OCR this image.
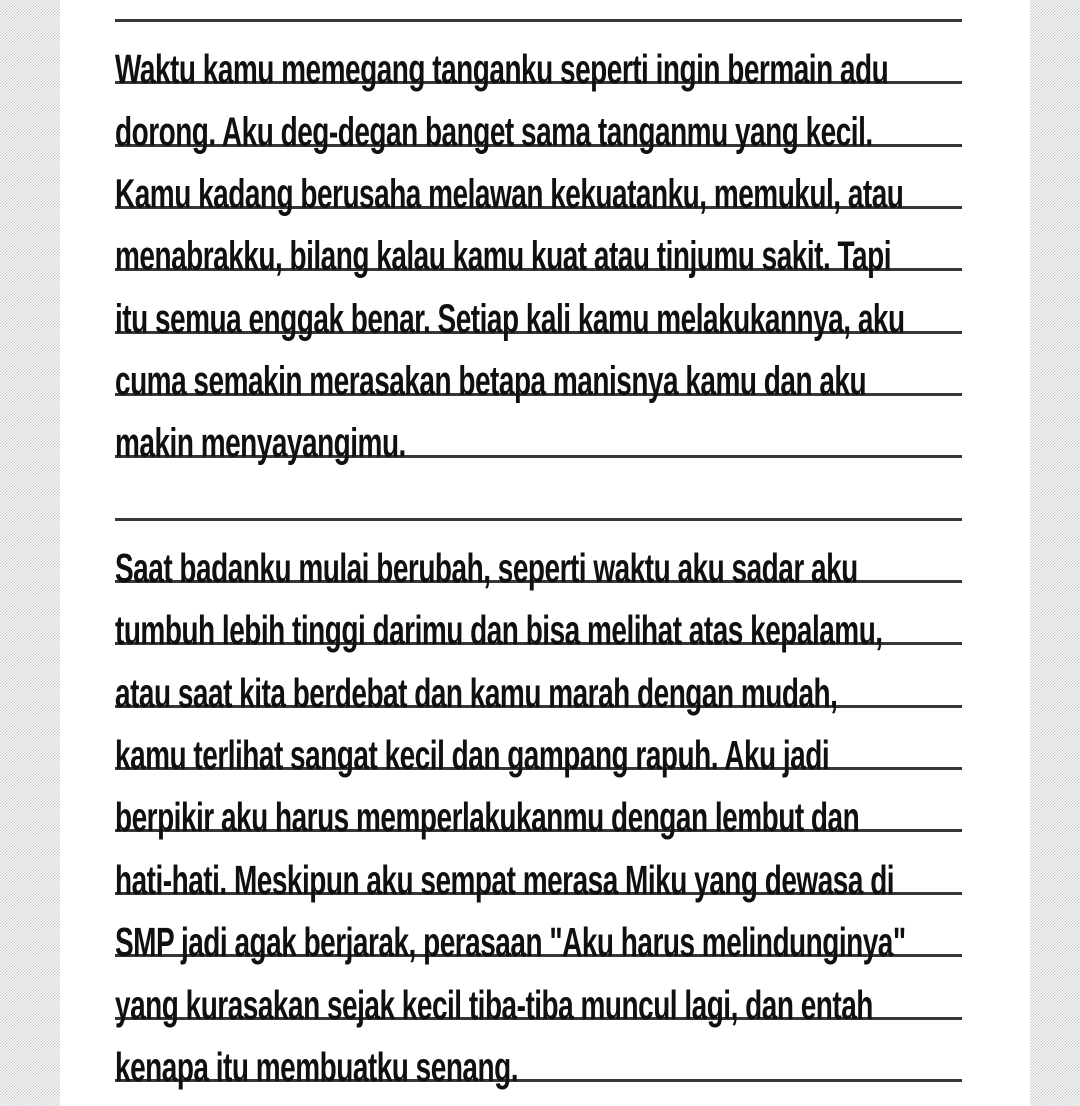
Waktu kamu memegang tanganku seperti ingin bermain adu
dorong. Aku deg-degan banget sama tanganmu yang kecil.
Kamu kadang berusaha melawan kekuatanku, memukul, atau
menabrakku, bilang kalau kamu kuat atau tinjumu sakit. Tapi
itu semua enggak benar. Setiap kali kamu melakukannya, aku
cuma semakin merasakan betapa manisnya kamu dan aku
makin menyayangimu.
Saat badanku mulai berubah, seperti waktu aku sadar aku
tumbuh lebih tinggi darimu dan bisa melihat atas kepalamu,
atau saat kita berdebat dan kamu marah dengan mudah,
kamu terlihat sangat kecil dan gampang rapuh. Aku jadi
berpikir aku harus memperlakukanmu dengan lembut dan
hati-hati. Meskipun aku sempat merasa Miku yang dewasa di
SMP jadi agak berjarak, perasaan "Aku harus melindunginya"
yang kurasakan sejak kecil tiba-tiba muncul lagi, dan entah
kenapa itu membuatku senang.
